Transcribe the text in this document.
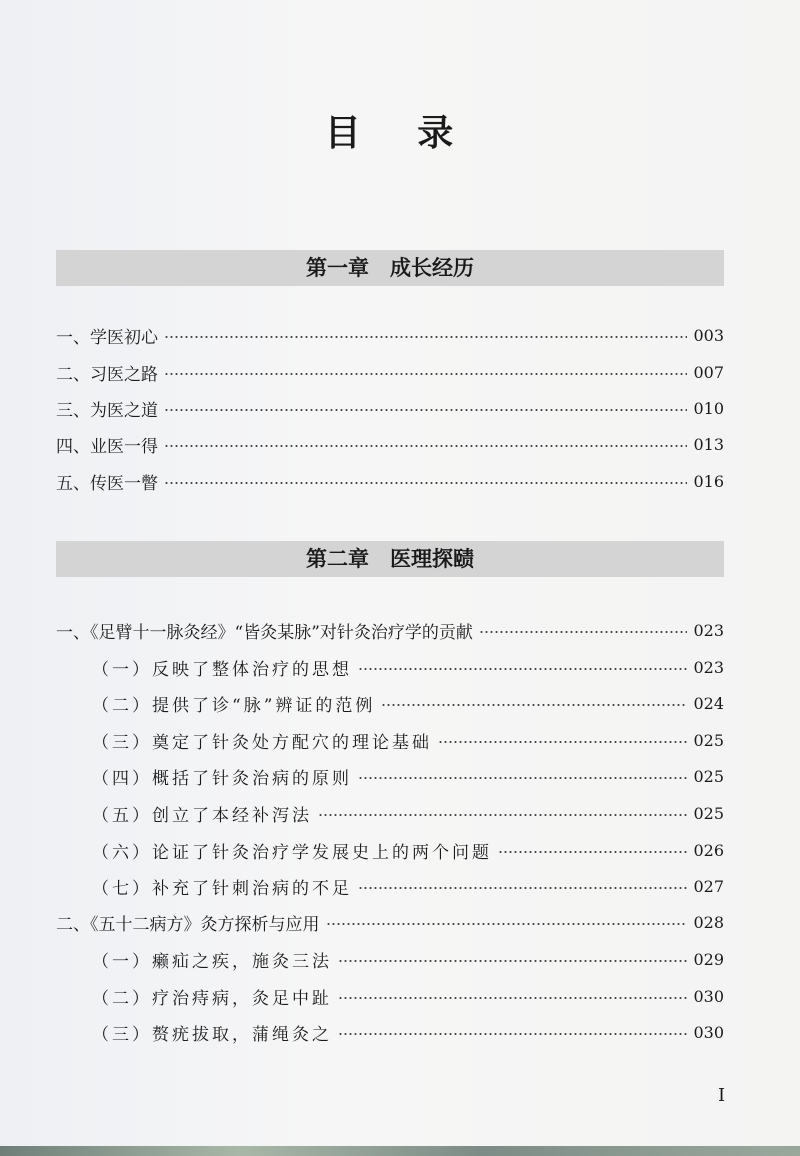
目 录
第一章　成长经历
一、学医初心	003
二、习医之路	007
三、为医之道	010
四、业医一得	013
五、传医一瞥	016
第二章　医理探赜
一、《足臂十一脉灸经》“皆灸某脉”对针灸治疗学的贡献	023
（一）反映了整体治疗的思想	023
（二）提供了诊“脉”辨证的范例	024
（三）奠定了针灸处方配穴的理论基础	025
（四）概括了针灸治病的原则	025
（五）创立了本经补泻法	025
（六）论证了针灸治疗学发展史上的两个问题	026
（七）补充了针刺治病的不足	027
二、《五十二病方》灸方探析与应用	028
（一）癞疝之疾，施灸三法	029
（二）疗治痔病，灸足中趾	030
（三）赘疣拔取，蒲绳灸之	030
I
